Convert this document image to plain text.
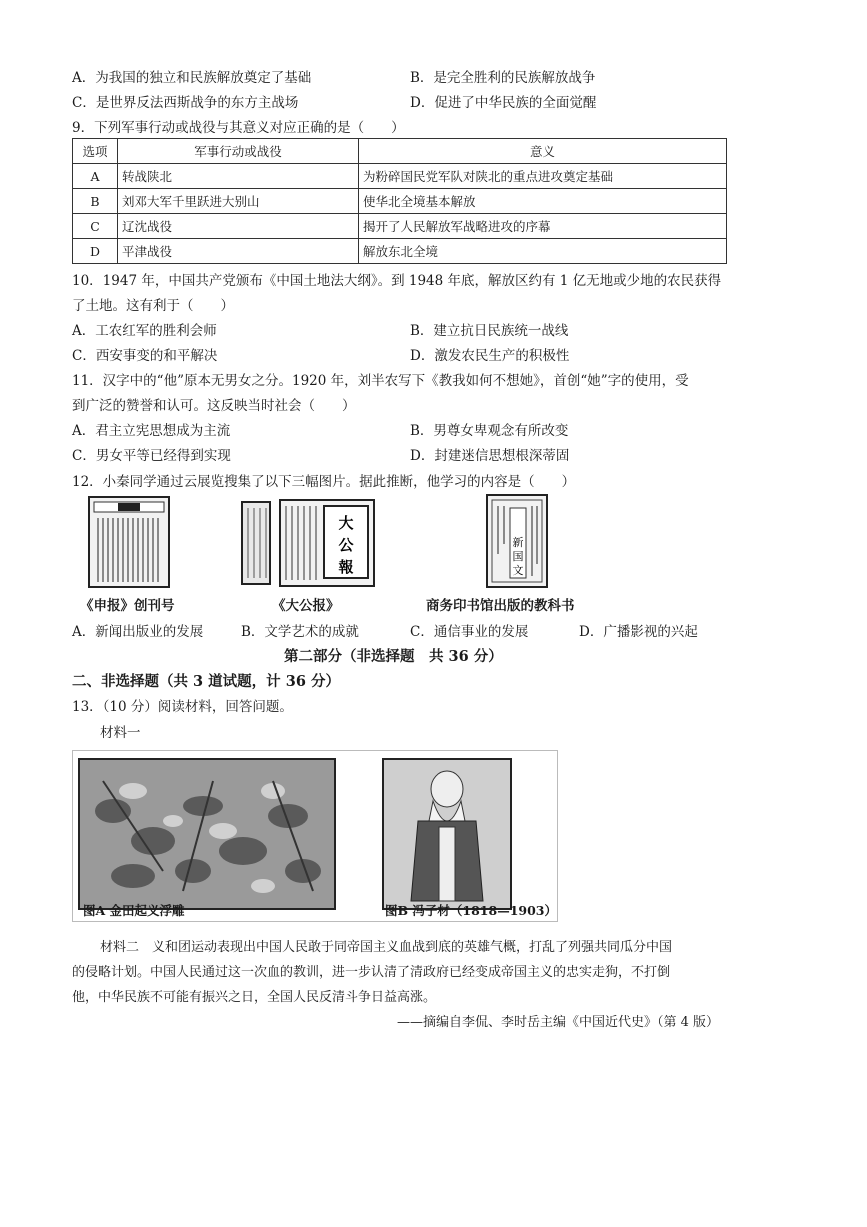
A．为我国的独立和民族解放奠定了基础	B．是完全胜利的民族解放战争
C．是世界反法西斯战争的东方主战场	D．促进了中华民族的全面觉醒
9．下列军事行动或战役与其意义对应正确的是（　　）
选项	军事行动或战役	意义
A	转战陕北	为粉碎国民党军队对陕北的重点进攻奠定基础
B	刘邓大军千里跃进大别山	使华北全境基本解放
C	辽沈战役	揭开了人民解放军战略进攻的序幕
D	平津战役	解放东北全境
10．1947 年，中国共产党颁布《中国土地法大纲》。到 1948 年底，解放区约有 1 亿无地或少地的农民获得
了土地。这有利于（　　）
A．工农红军的胜利会师	B．建立抗日民族统一战线
C．西安事变的和平解决	D．激发农民生产的积极性
11．汉字中的“他”原本无男女之分。1920 年，刘半农写下《教我如何不想她》，首创“她”字的使用，受
到广泛的赞誉和认可。这反映当时社会（　　）
A．君主立宪思想成为主流	B．男尊女卑观念有所改变
C．男女平等已经得到实现	D．封建迷信思想根深蒂固
12．小秦同学通过云展览搜集了以下三幅图片。据此推断，他学习的内容是（　　）
《申报》创刊号
大
公
報
《大公报》
新
国
文
商务印书馆出版的教科书
A．新闻出版业的发展	B．文学艺术的成就	C．通信事业的发展	D．广播影视的兴起
第二部分（非选择题　共 36 分）
二、非选择题（共 3 道试题，计 36 分）
13．（10 分）阅读材料，回答问题。
材料一
图A 金田起义浮雕	图B 冯子材（1818—1903）
材料二　义和团运动表现出中国人民敢于同帝国主义血战到底的英雄气概，打乱了列强共同瓜分中国
的侵略计划。中国人民通过这一次血的教训，进一步认清了清政府已经变成帝国主义的忠实走狗，不打倒
他，中华民族不可能有振兴之日，全国人民反清斗争日益高涨。
——摘编自李侃、李时岳主编《中国近代史》（第 4 版）
